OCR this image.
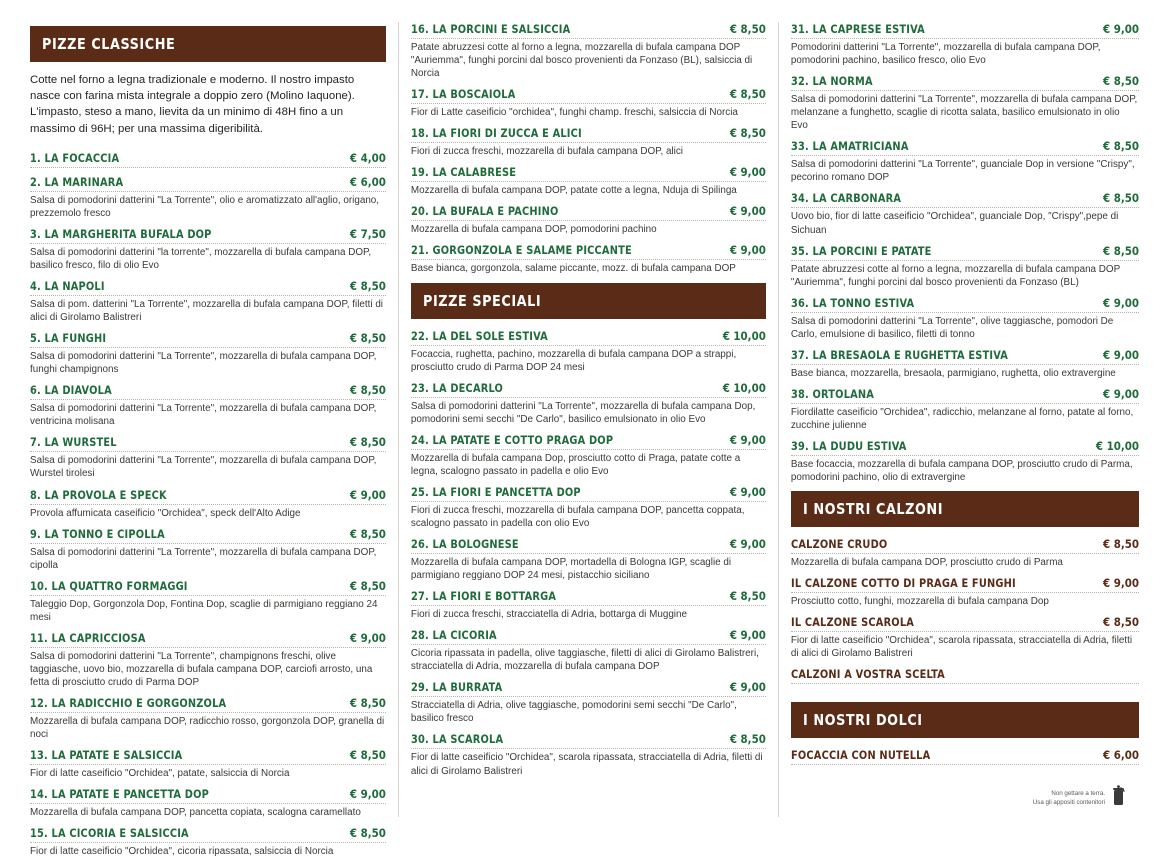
PIZZE CLASSICHE

Cotte nel forno a legna tradizionale e moderno. Il nostro impasto nasce con farina mista integrale a doppio zero (Molino Iaquone). L'impasto, steso a mano, lievita da un minimo di 48H fino a un massimo di 96H; per una massima digeribilità.

1. LA FOCACCIA	€ 4,00
2. LA MARINARA	€ 6,00
Salsa di pomodorini datterini "La Torrente", olio e aromatizzato all'aglio, origano, prezzemolo fresco
3. LA MARGHERITA BUFALA DOP	€ 7,50
Salsa di pomodorini datterini "la torrente", mozzarella di bufala campana DOP, basilico fresco, filo di olio Evo
4. LA NAPOLI	€ 8,50
Salsa di pom. datterini "La Torrente", mozzarella di bufala campana DOP, filetti di alici di Girolamo Balistreri
5. LA FUNGHI	€ 8,50
Salsa di pomodorini datterini "La Torrente", mozzarella di bufala campana DOP, funghi champignons
6. LA DIAVOLA	€ 8,50
Salsa di pomodorini datterini "La Torrente", mozzarella di bufala campana DOP, ventricina molisana
7. LA WURSTEL	€ 8,50
Salsa di pomodorini datterini "La Torrente", mozzarella di bufala campana DOP, Wurstel tirolesi
8. LA PROVOLA E SPECK	€ 9,00
Provola affumicata caseificio "Orchidea", speck dell'Alto Adige
9. LA TONNO E CIPOLLA	€ 8,50
Salsa di pomodorini datterini "La Torrente", mozzarella di bufala campana DOP, cipolla
10. LA QUATTRO FORMAGGI	€ 8,50
Taleggio Dop, Gorgonzola Dop, Fontina Dop, scaglie di parmigiano reggiano 24 mesi
11. LA CAPRICCIOSA	€ 9,00
Salsa di pomodorini datterini "La Torrente", champignons freschi, olive taggiasche, uovo bio, mozzarella di bufala campana DOP, carciofi arrosto, una fetta di prosciutto crudo di Parma DOP
12. LA RADICCHIO E GORGONZOLA	€ 8,50
Mozzarella di bufala campana DOP, radicchio rosso, gorgonzola DOP, granella di noci
13. LA PATATE E SALSICCIA	€ 8,50
Fior di latte caseificio "Orchidea", patate, salsiccia di Norcia
14. LA PATATE E PANCETTA DOP	€ 9,00
Mozzarella di bufala campana DOP, pancetta copiata, scalogna caramellato
15. LA CICORIA E SALSICCIA	€ 8,50
Fior di latte caseificio "Orchidea", cicoria ripassata, salsiccia di Norcia
16. LA PORCINI E SALSICCIA	€ 8,50
Patate abruzzesi cotte al forno a legna, mozzarella di bufala campana DOP "Auriemma", funghi porcini dal bosco provenienti da Fonzaso (BL), salsiccia di Norcia
17. LA BOSCAIOLA	€ 8,50
Fior di Latte caseificio "orchidea", funghi champ. freschi, salsiccia di Norcia
18. LA FIORI DI ZUCCA E ALICI	€ 8,50
Fiori di zucca freschi, mozzarella di bufala campana DOP, alici
19. LA CALABRESE	€ 9,00
Mozzarella di bufala campana DOP, patate cotte a legna, Nduja di Spilinga
20. LA BUFALA E PACHINO	€ 9,00
Mozzarella di bufala campana DOP, pomodorini pachino
21. GORGONZOLA E SALAME PICCANTE	€ 9,00
Base bianca, gorgonzola, salame piccante, mozz. di bufala campana DOP
PIZZE SPECIALI
22. LA DEL SOLE ESTIVA	€ 10,00
Focaccia, rughetta, pachino, mozzarella di bufala campana DOP a strappi, prosciutto crudo di Parma DOP 24 mesi
23. LA DECARLO	€ 10,00
Salsa di pomodorini datterini "La Torrente", mozzarella di bufala campana Dop, pomodorini semi secchi "De Carlo", basilico emulsionato in olio Evo
24. LA PATATE E COTTO PRAGA DOP	€ 9,00
Mozzarella di bufala campana Dop, prosciutto cotto di Praga, patate cotte a legna, scalogno passato in padella e olio Evo
25. LA FIORI E PANCETTA DOP	€ 9,00
Fiori di zucca freschi, mozzarella di bufala campana DOP, pancetta coppata, scalogno passato in padella con olio Evo
26. LA BOLOGNESE	€ 9,00
Mozzarella di bufala campana DOP, mortadella di Bologna IGP, scaglie di parmigiano reggiano DOP 24 mesi, pistacchio siciliano
27. LA FIORI E BOTTARGA	€ 8,50
Fiori di zucca freschi, stracciatella di Adria, bottarga di Muggine
28. LA CICORIA	€ 9,00
Cicoria ripassata in padella, olive taggiasche, filetti di alici di Girolamo Balistreri, stracciatella di Adria, mozzarella di bufala campana DOP
29. LA BURRATA	€ 9,00
Stracciatella di Adria, olive taggiasche, pomodorini semi secchi "De Carlo", basilico fresco
30. LA SCAROLA	€ 8,50
Fior di latte caseificio "Orchidea", scarola ripassata, stracciatella di Adria, filetti di alici di Girolamo Balistreri
31. LA CAPRESE ESTIVA	€ 9,00
Pomodorini datterini "La Torrente", mozzarella di bufala campana DOP, pomodorini pachino, basilico fresco, olio Evo
32. LA NORMA	€ 8,50
Salsa di pomodorini datterini "La Torrente", mozzarella di bufala campana DOP, melanzane a funghetto, scaglie di ricotta salata, basilico emulsionato in olio Evo
33. LA AMATRICIANA	€ 8,50
Salsa di pomodorini datterini "La Torrente", guanciale Dop in versione "Crispy", pecorino romano DOP
34. LA CARBONARA	€ 8,50
Uovo bio, fior di latte caseificio "Orchidea", guanciale Dop, "Crispy",pepe di Sichuan
35. LA PORCINI E PATATE	€ 8,50
Patate abruzzesi cotte al forno a legna, mozzarella di bufala campana DOP "Auriemma", funghi porcini dal bosco provenienti da Fonzaso (BL)
36. LA TONNO ESTIVA	€ 9,00
Salsa di pomodorini datterini "La Torrente", olive taggiasche, pomodori De Carlo, emulsione di basilico, filetti di tonno
37. LA BRESAOLA E RUGHETTA ESTIVA	€ 9,00
Base bianca, mozzarella, bresaola, parmigiano, rughetta, olio extravergine
38. ORTOLANA	€ 9,00
Fiordilatte caseificio "Orchidea", radicchio, melanzane al forno, patate al forno, zucchine julienne
39. LA DUDU ESTIVA	€ 10,00
Base focaccia, mozzarella di bufala campana DOP, prosciutto crudo di Parma, pomodorini pachino, olio di extravergine
I NOSTRI CALZONI
CALZONE CRUDO	€ 8,50
Mozzarella di bufala campana DOP, prosciutto crudo di Parma
IL CALZONE COTTO DI PRAGA E FUNGHI	€ 9,00
Prosciutto cotto, funghi, mozzarella di bufala campana Dop
IL CALZONE SCAROLA	€ 8,50
Fior di latte caseificio "Orchidea", scarola ripassata, stracciatella di Adria, filetti di alici di Girolamo Balistreri
CALZONI A VOSTRA SCELTA
I NOSTRI DOLCI
FOCACCIA CON NUTELLA	€ 6,00
Non gettare a terra.
Usa gli appositi contenitori
